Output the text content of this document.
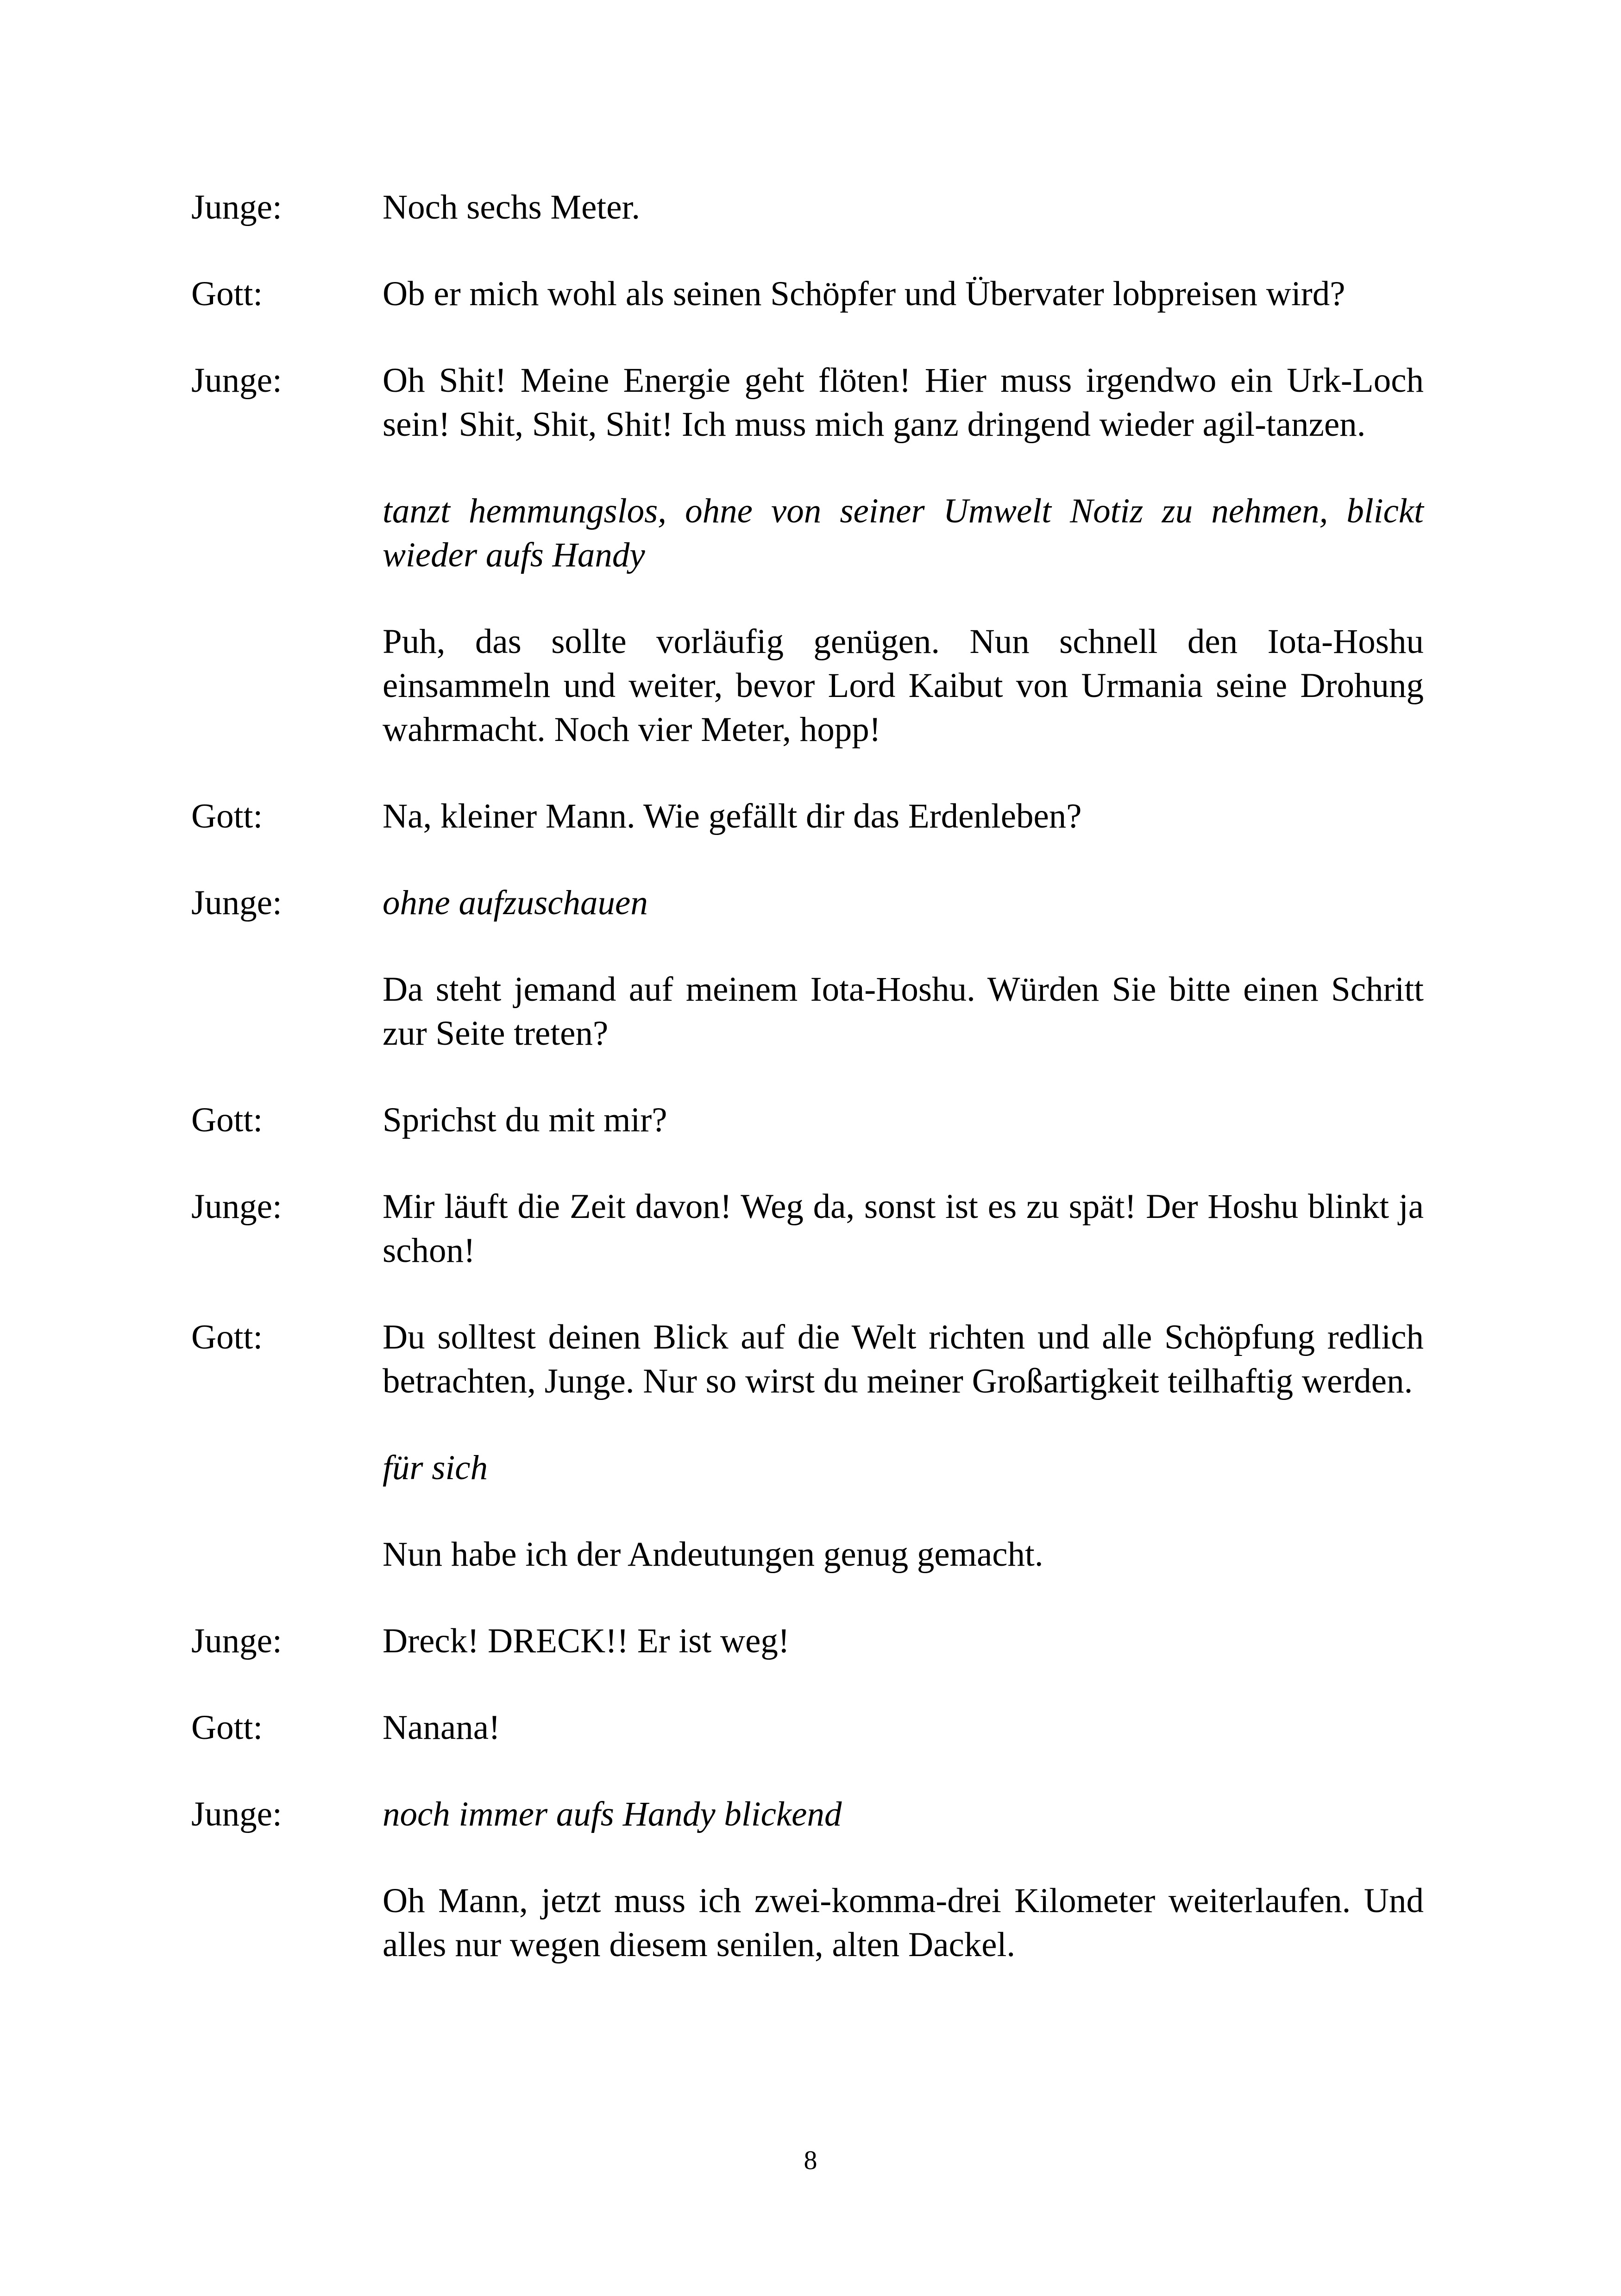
Junge:	Noch sechs Meter.

Gott:	Ob er mich wohl als seinen Schöpfer und Übervater lobpreisen wird?

Junge:	Oh Shit! Meine Energie geht flöten! Hier muss irgendwo ein Urk-Loch sein! Shit, Shit, Shit! Ich muss mich ganz dringend wieder agil-tanzen.

tanzt hemmungslos, ohne von seiner Umwelt Notiz zu nehmen, blickt wieder aufs Handy

Puh, das sollte vorläufig genügen. Nun schnell den Iota-Hoshu einsammeln und weiter, bevor Lord Kaibut von Urmania seine Drohung wahrmacht. Noch vier Meter, hopp!

Gott:	Na, kleiner Mann. Wie gefällt dir das Erdenleben?

Junge:	ohne aufzuschauen

Da steht jemand auf meinem Iota-Hoshu. Würden Sie bitte einen Schritt zur Seite treten?

Gott:	Sprichst du mit mir?

Junge:	Mir läuft die Zeit davon! Weg da, sonst ist es zu spät! Der Hoshu blinkt ja schon!

Gott:	Du solltest deinen Blick auf die Welt richten und alle Schöpfung redlich betrachten, Junge. Nur so wirst du meiner Großartigkeit teilhaftig werden.

für sich

Nun habe ich der Andeutungen genug gemacht.

Junge:	Dreck! DRECK!! Er ist weg!

Gott:	Nanana!

Junge:	noch immer aufs Handy blickend

Oh Mann, jetzt muss ich zwei-komma-drei Kilometer weiterlaufen. Und alles nur wegen diesem senilen, alten Dackel.

8
